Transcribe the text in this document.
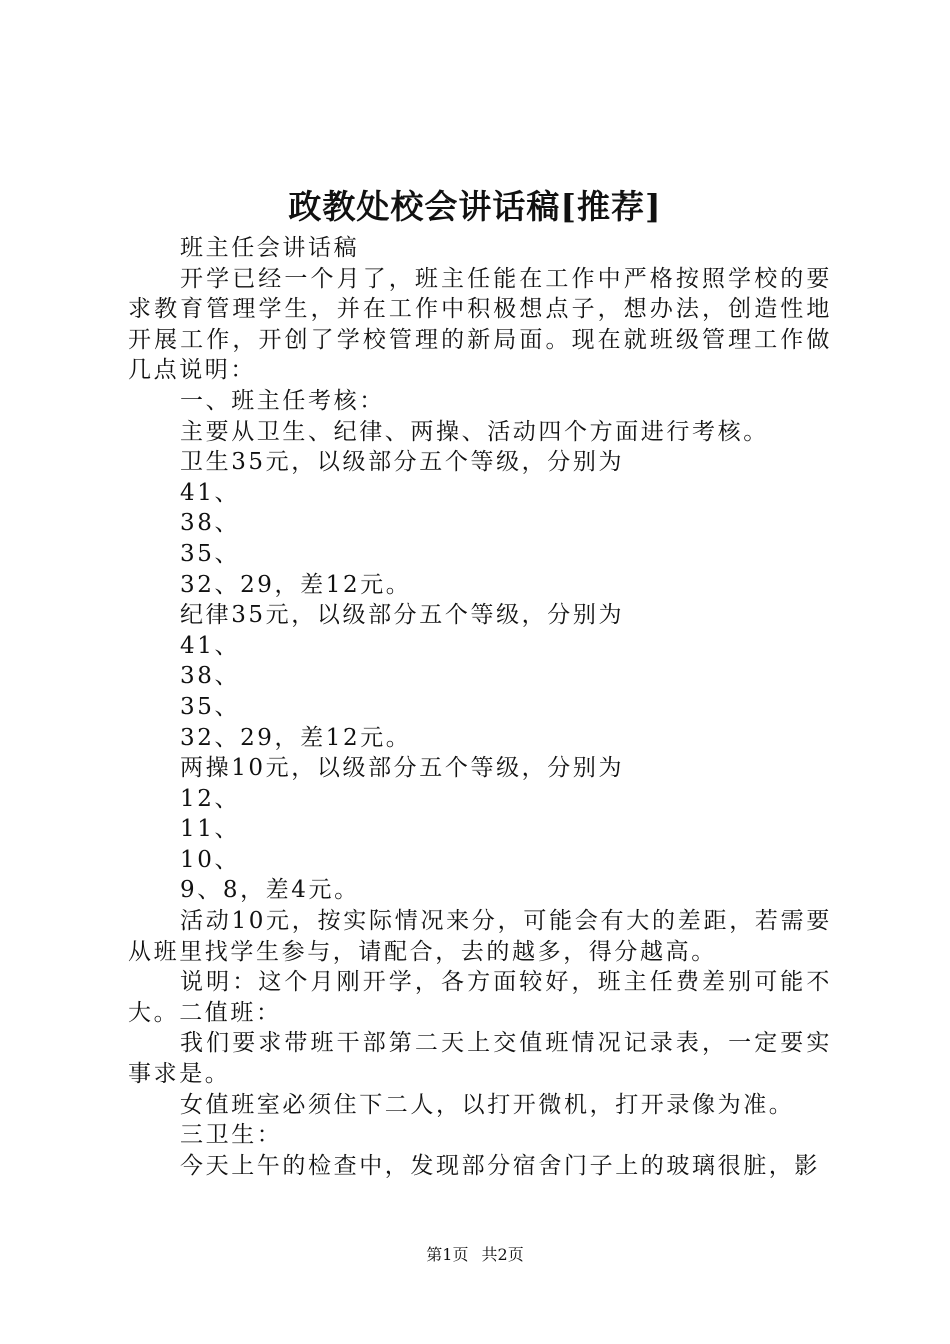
政教处校会讲话稿[推荐]

班主任会讲话稿

开学已经一个月了，班主任能在工作中严格按照学校的要求教育管理学生，并在工作中积极想点子，想办法，创造性地开展工作，开创了学校管理的新局面。现在就班级管理工作做几点说明：

一、班主任考核：

主要从卫生、纪律、两操、活动四个方面进行考核。

卫生35元，以级部分五个等级，分别为

41、

38、

35、

32、29，差12元。

纪律35元，以级部分五个等级，分别为

41、

38、

35、

32、29，差12元。

两操10元，以级部分五个等级，分别为

12、

11、

10、

9、8，差4元。

活动10元，按实际情况来分，可能会有大的差距，若需要从班里找学生参与，请配合，去的越多，得分越高。

说明：这个月刚开学，各方面较好，班主任费差别可能不大。二值班：

我们要求带班干部第二天上交值班情况记录表，一定要实事求是。

女值班室必须住下二人，以打开微机，打开录像为准。

三卫生：

今天上午的检查中，发现部分宿舍门子上的玻璃很脏，影

第1页 共2页
